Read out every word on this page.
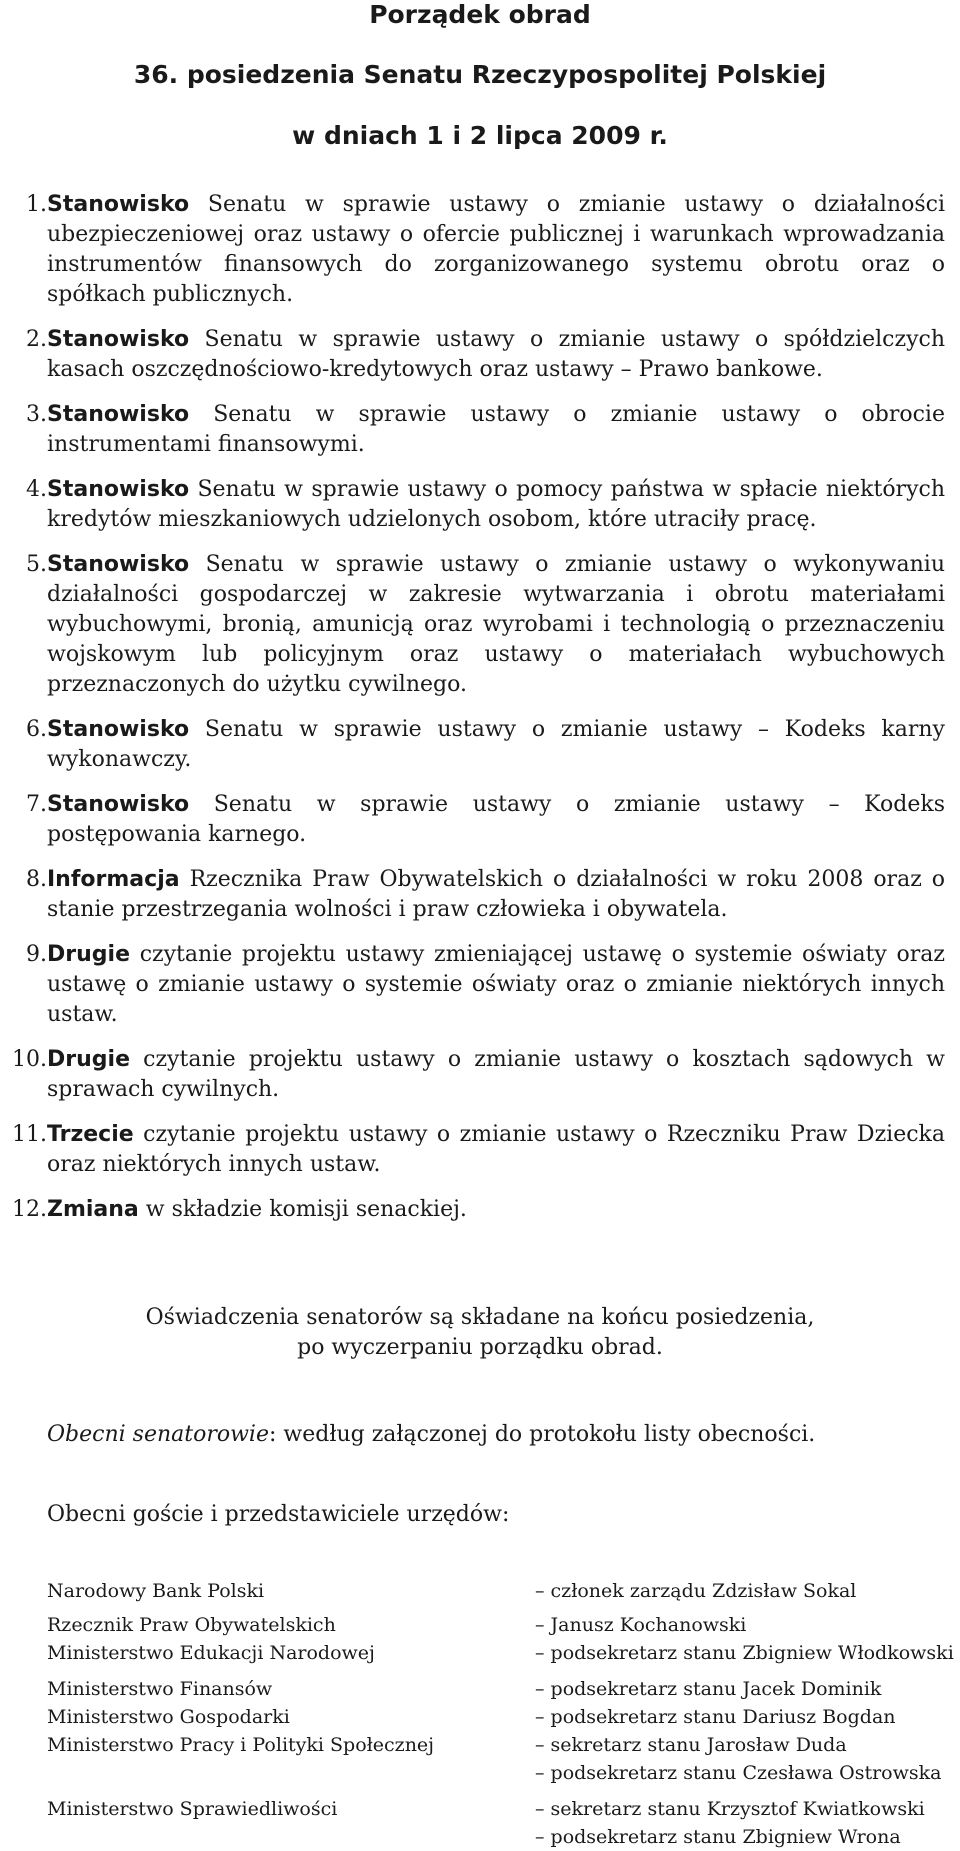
Porządek obrad
36. posiedzenia Senatu Rzeczypospolitej Polskiej
w dniach 1 i 2 lipca 2009 r.
1. Stanowisko Senatu w sprawie ustawy o zmianie ustawy o działalności ubezpieczeniowej oraz ustawy o ofercie publicznej i warunkach wprowadzania instrumentów finansowych do zorganizowanego systemu obrotu oraz o spółkach publicznych.
2. Stanowisko Senatu w sprawie ustawy o zmianie ustawy o spółdzielczych kasach oszczędnościowo-kredytowych oraz ustawy – Prawo bankowe.
3. Stanowisko Senatu w sprawie ustawy o zmianie ustawy o obrocie instrumentami finansowymi.
4. Stanowisko Senatu w sprawie ustawy o pomocy państwa w spłacie niektórych kredytów mieszkaniowych udzielonych osobom, które utraciły pracę.
5. Stanowisko Senatu w sprawie ustawy o zmianie ustawy o wykonywaniu działalności gospodarczej w zakresie wytwarzania i obrotu materiałami wybuchowymi, bronią, amunicją oraz wyrobami i technologią o przeznaczeniu wojskowym lub policyjnym oraz ustawy o materiałach wybuchowych przeznaczonych do użytku cywilnego.
6. Stanowisko Senatu w sprawie ustawy o zmianie ustawy – Kodeks karny wykonawczy.
7. Stanowisko Senatu w sprawie ustawy o zmianie ustawy – Kodeks postępowania karnego.
8. Informacja Rzecznika Praw Obywatelskich o działalności w roku 2008 oraz o stanie przestrzegania wolności i praw człowieka i obywatela.
9. Drugie czytanie projektu ustawy zmieniającej ustawę o systemie oświaty oraz ustawę o zmianie ustawy o systemie oświaty oraz o zmianie niektórych innych ustaw.
10. Drugie czytanie projektu ustawy o zmianie ustawy o kosztach sądowych w sprawach cywilnych.
11. Trzecie czytanie projektu ustawy o zmianie ustawy o Rzeczniku Praw Dziecka oraz niektórych innych ustaw.
12. Zmiana w składzie komisji senackiej.
Oświadczenia senatorów są składane na końcu posiedzenia,
po wyczerpaniu porządku obrad.
Obecni senatorowie: według załączonej do protokołu listy obecności.
Obecni goście i przedstawiciele urzędów:
Narodowy Bank Polski	– członek zarządu Zdzisław Sokal
Rzecznik Praw Obywatelskich	– Janusz Kochanowski
Ministerstwo Edukacji Narodowej	– podsekretarz stanu Zbigniew Włodkowski
Ministerstwo Finansów	– podsekretarz stanu Jacek Dominik
Ministerstwo Gospodarki	– podsekretarz stanu Dariusz Bogdan
Ministerstwo Pracy i Polityki Społecznej	– sekretarz stanu Jarosław Duda
– podsekretarz stanu Czesława Ostrowska
Ministerstwo Sprawiedliwości	– sekretarz stanu Krzysztof Kwiatkowski
– podsekretarz stanu Zbigniew Wrona
